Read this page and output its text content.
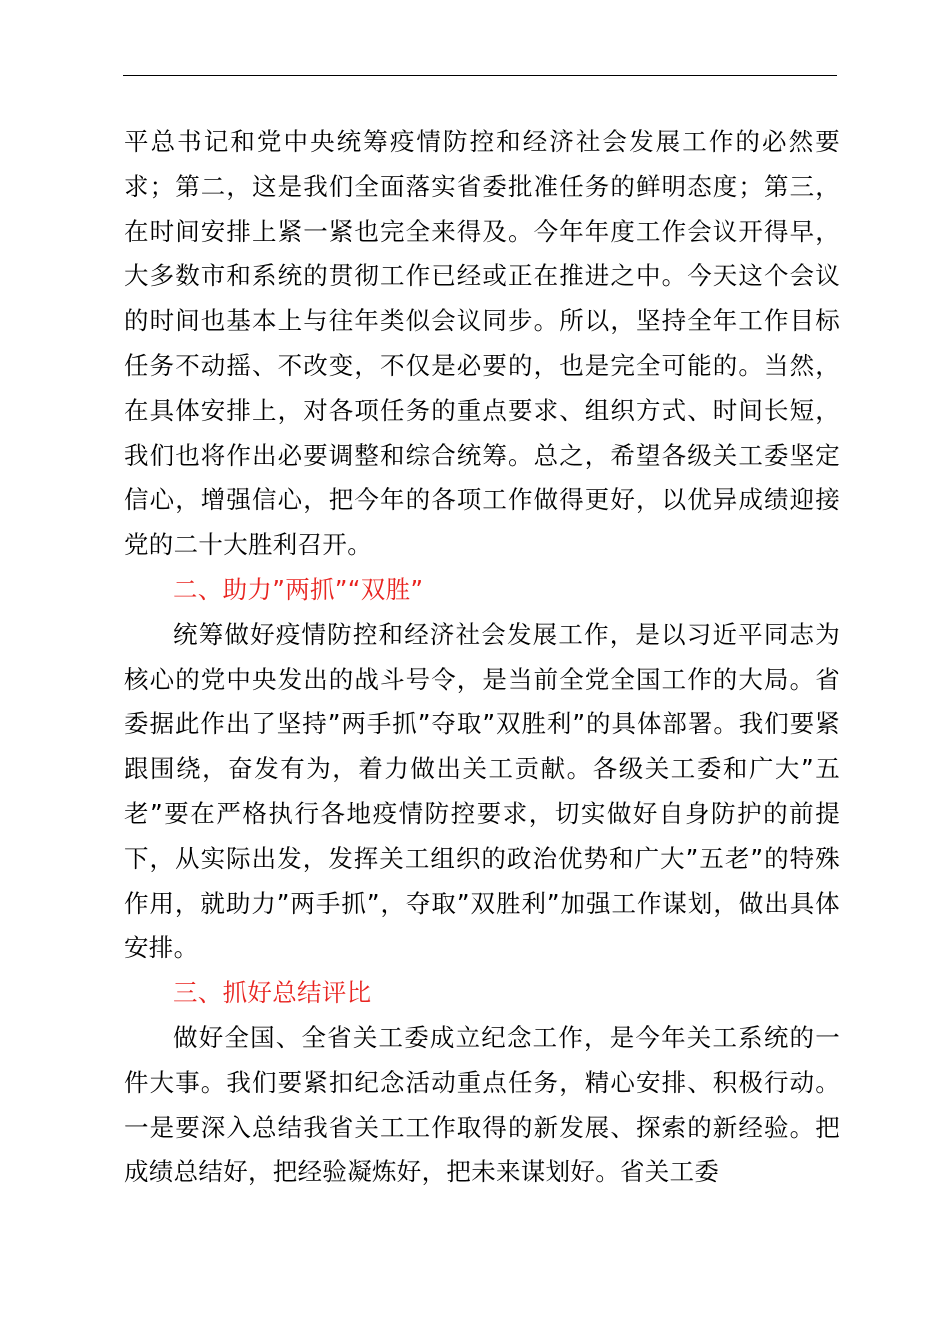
平总书记和党中央统筹疫情防控和经济社会发展工作的必然要求；第二，这是我们全面落实省委批准任务的鲜明态度；第三，在时间安排上紧一紧也完全来得及。今年年度工作会议开得早，大多数市和系统的贯彻工作已经或正在推进之中。今天这个会议的时间也基本上与往年类似会议同步。所以，坚持全年工作目标任务不动摇、不改变，不仅是必要的，也是完全可能的。当然，在具体安排上，对各项任务的重点要求、组织方式、时间长短，我们也将作出必要调整和综合统筹。总之，希望各级关工委坚定信心，增强信心，把今年的各项工作做得更好，以优异成绩迎接党的二十大胜利召开。

二、助力”两抓”“双胜”

统筹做好疫情防控和经济社会发展工作，是以习近平同志为核心的党中央发出的战斗号令，是当前全党全国工作的大局。省委据此作出了坚持”两手抓”夺取”双胜利”的具体部署。我们要紧跟围绕，奋发有为，着力做出关工贡献。各级关工委和广大”五老”要在严格执行各地疫情防控要求，切实做好自身防护的前提下，从实际出发，发挥关工组织的政治优势和广大”五老”的特殊作用，就助力”两手抓”，夺取”双胜利”加强工作谋划，做出具体安排。

三、抓好总结评比

做好全国、全省关工委成立纪念工作，是今年关工系统的一件大事。我们要紧扣纪念活动重点任务，精心安排、积极行动。一是要深入总结我省关工工作取得的新发展、探索的新经验。把成绩总结好，把经验凝炼好，把未来谋划好。省关工委
